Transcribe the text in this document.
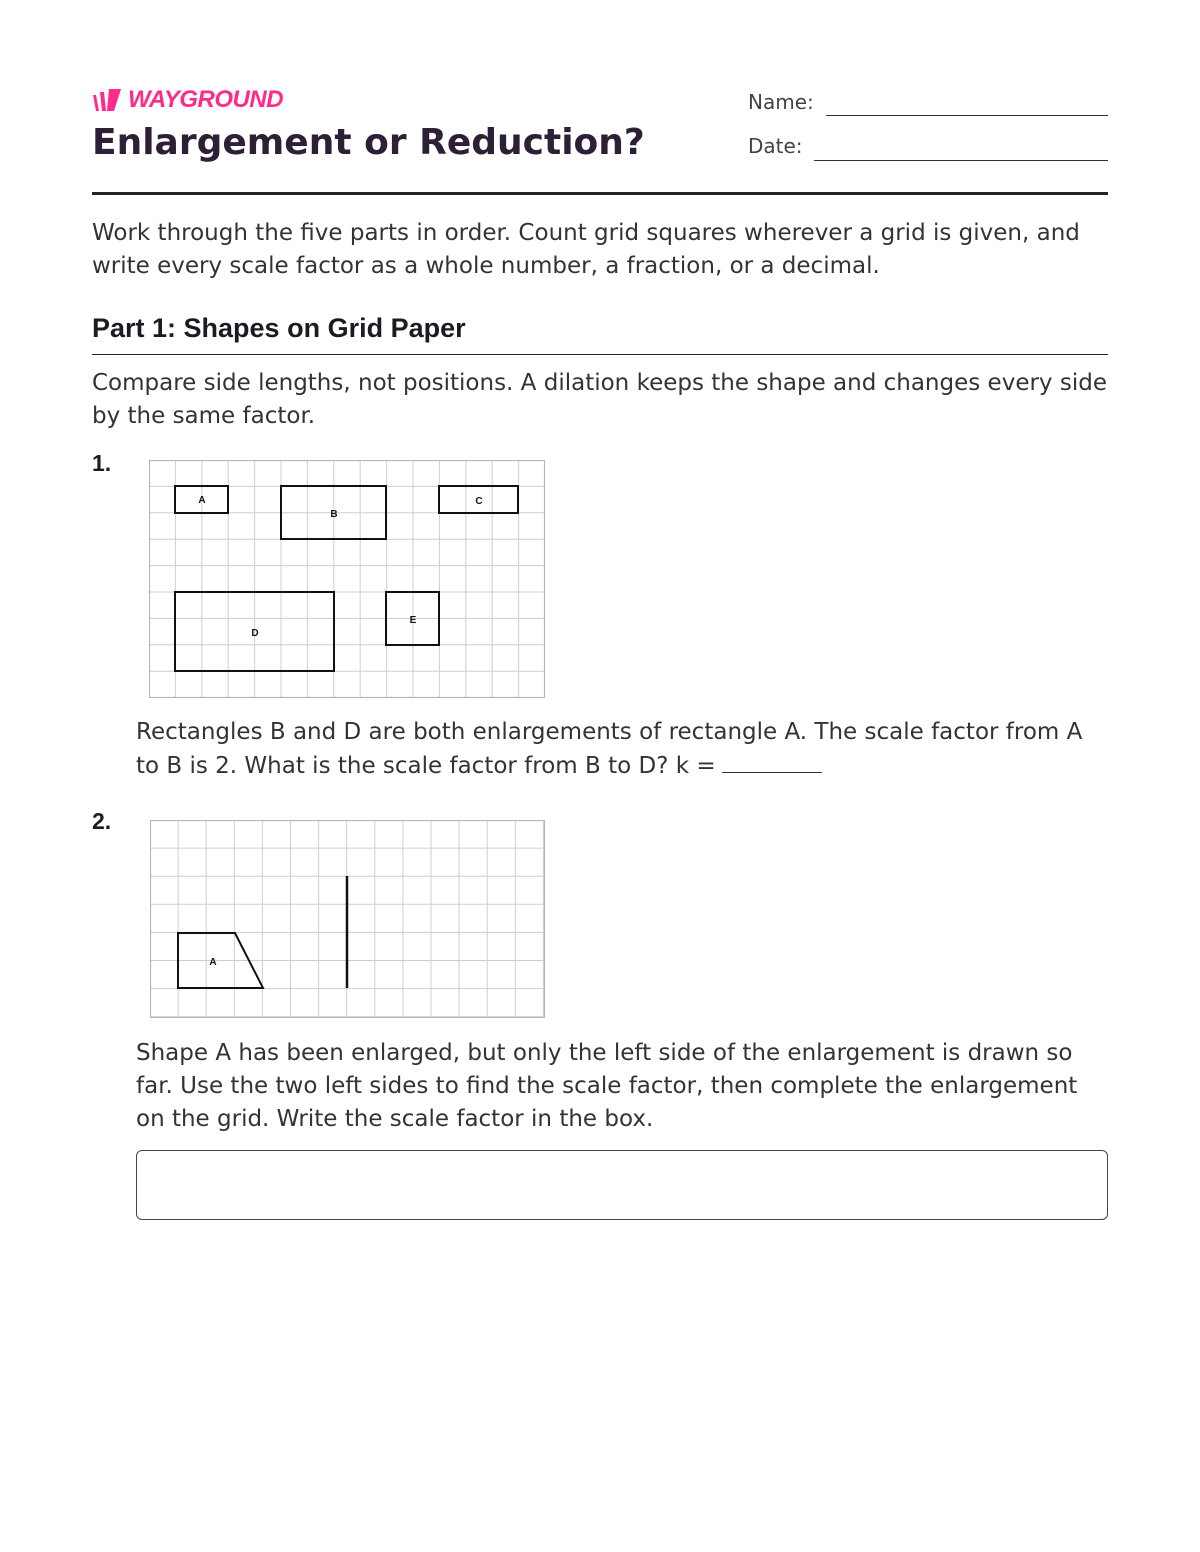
WAYGROUND
Enlargement or Reduction?
Name:
Date:

Work through the five parts in order. Count grid squares wherever a grid is given, and write every scale factor as a whole number, a fraction, or a decimal.

Part 1: Shapes on Grid Paper

Compare side lengths, not positions. A dilation keeps the shape and changes every side by the same factor.

1.
A
B
C
D
E

Rectangles B and D are both enlargements of rectangle A. The scale factor from A to B is 2. What is the scale factor from B to D? k =

2.
A

Shape A has been enlarged, but only the left side of the enlargement is drawn so far. Use the two left sides to find the scale factor, then complete the enlargement on the grid. Write the scale factor in the box.
